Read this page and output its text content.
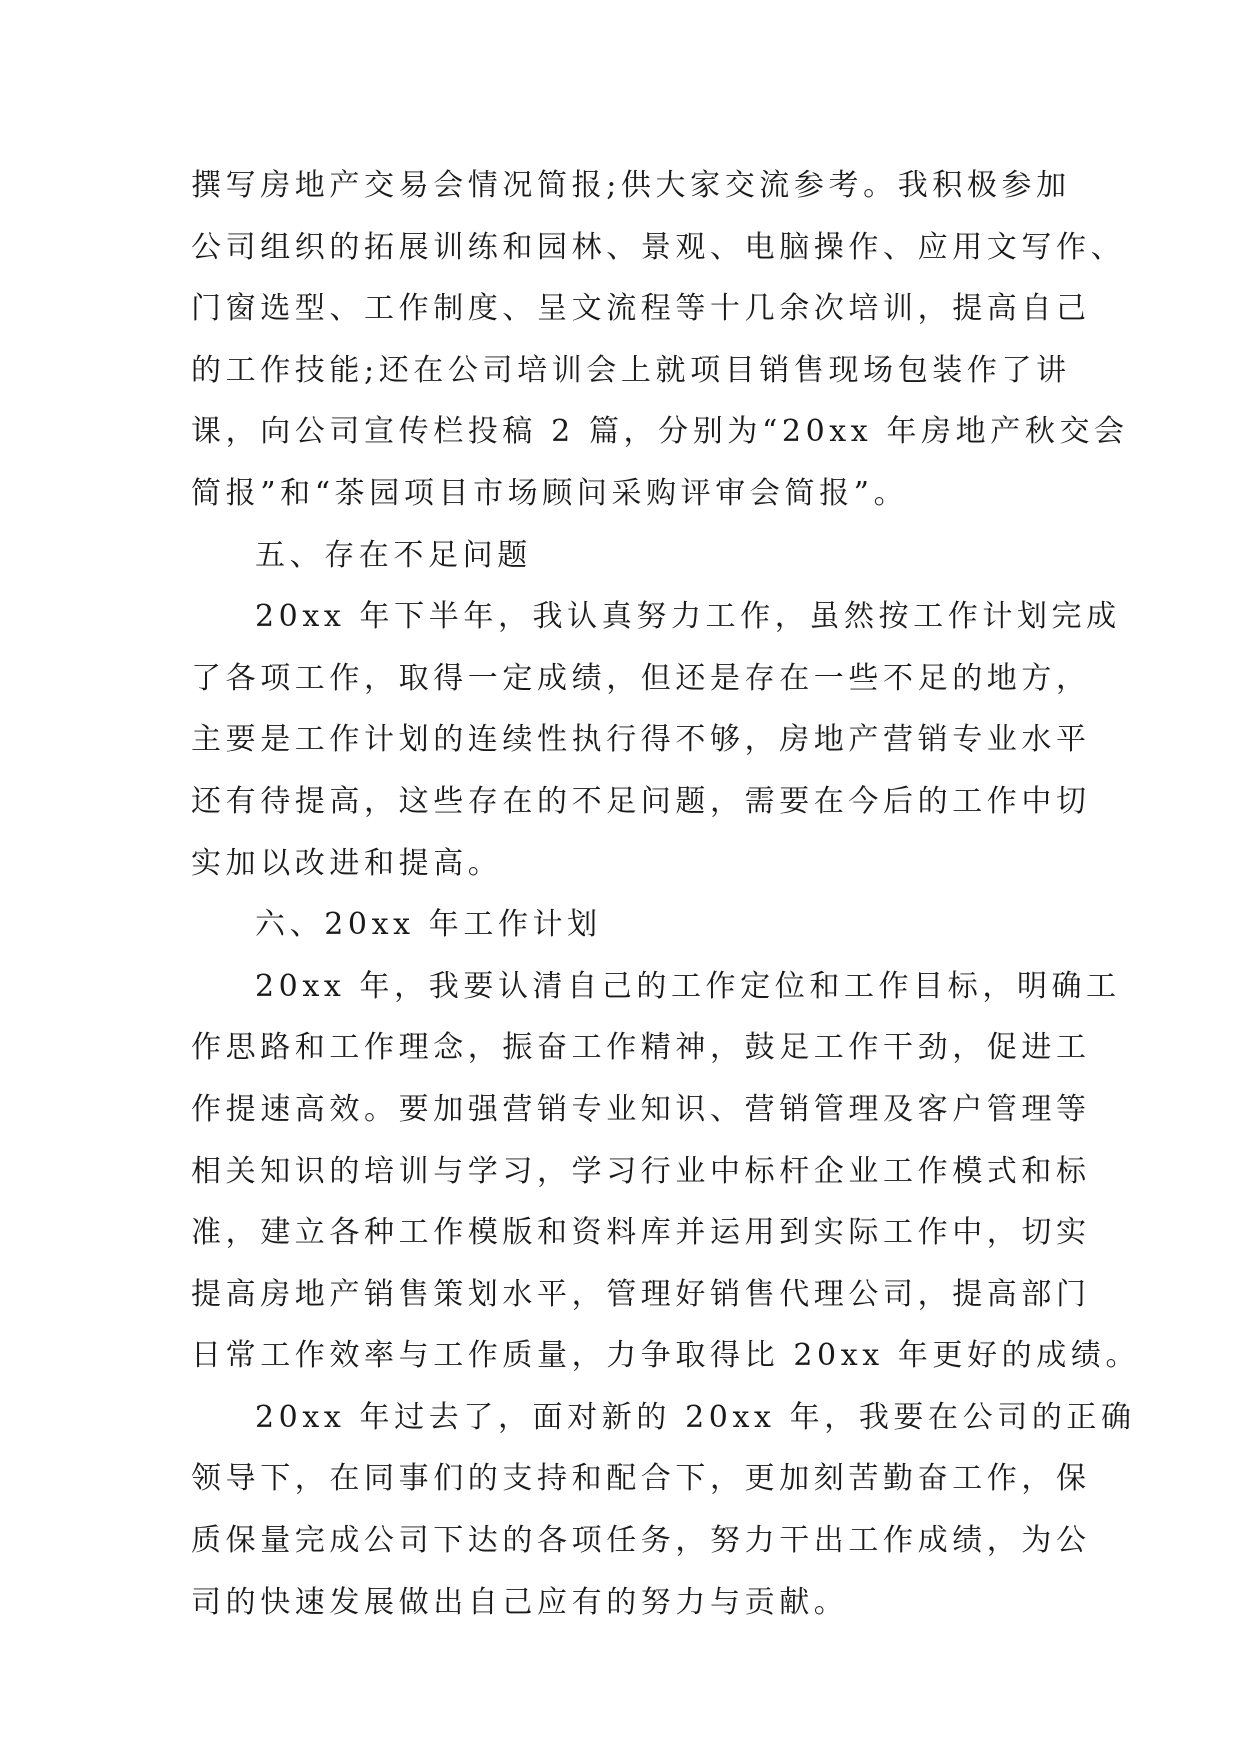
撰写房地产交易会情况简报;供大家交流参考。我积极参加
公司组织的拓展训练和园林、景观、电脑操作、应用文写作、
门窗选型、工作制度、呈文流程等十几余次培训，提高自己
的工作技能;还在公司培训会上就项目销售现场包装作了讲
课，向公司宣传栏投稿 2 篇，分别为“20xx 年房地产秋交会
简报”和“茶园项目市场顾问采购评审会简报”。
五、存在不足问题
20xx 年下半年，我认真努力工作，虽然按工作计划完成
了各项工作，取得一定成绩，但还是存在一些不足的地方，
主要是工作计划的连续性执行得不够，房地产营销专业水平
还有待提高，这些存在的不足问题，需要在今后的工作中切
实加以改进和提高。
六、20xx 年工作计划
20xx 年，我要认清自己的工作定位和工作目标，明确工
作思路和工作理念，振奋工作精神，鼓足工作干劲，促进工
作提速高效。要加强营销专业知识、营销管理及客户管理等
相关知识的培训与学习，学习行业中标杆企业工作模式和标
准，建立各种工作模版和资料库并运用到实际工作中，切实
提高房地产销售策划水平，管理好销售代理公司，提高部门
日常工作效率与工作质量，力争取得比 20xx 年更好的成绩。
20xx 年过去了，面对新的 20xx 年，我要在公司的正确
领导下，在同事们的支持和配合下，更加刻苦勤奋工作，保
质保量完成公司下达的各项任务，努力干出工作成绩，为公
司的快速发展做出自己应有的努力与贡献。
